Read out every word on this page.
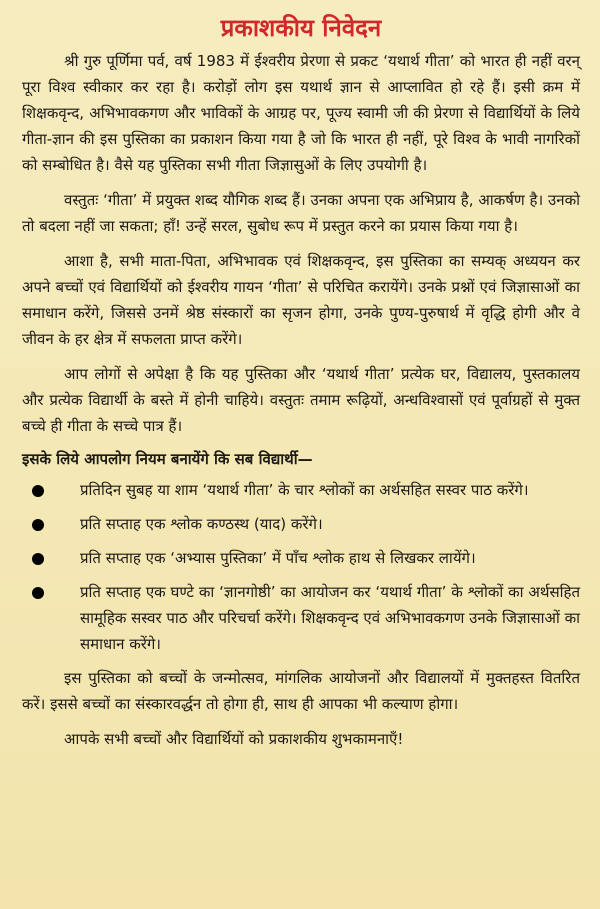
प्रकाशकीय निवेदन

श्री गुरु पूर्णिमा पर्व, वर्ष 1983 में ईश्वरीय प्रेरणा से प्रकट ‘यथार्थ गीता’ को भारत ही नहीं वरन् पूरा विश्व स्वीकार कर रहा है। करोड़ों लोग इस यथार्थ ज्ञान से आप्लावित हो रहे हैं। इसी क्रम में शिक्षकवृन्द, अभिभावकगण और भाविकों के आग्रह पर, पूज्य स्वामी जी की प्रेरणा से विद्यार्थियों के लिये गीता-ज्ञान की इस पुस्तिका का प्रकाशन किया गया है जो कि भारत ही नहीं, पूरे विश्व के भावी नागरिकों को सम्बोधित है। वैसे यह पुस्तिका सभी गीता जिज्ञासुओं के लिए उपयोगी है।

वस्तुतः ‘गीता’ में प्रयुक्त शब्द यौगिक शब्द हैं। उनका अपना एक अभिप्राय है, आकर्षण है। उनको तो बदला नहीं जा सकता; हाँ! उन्हें सरल, सुबोध रूप में प्रस्तुत करने का प्रयास किया गया है।

आशा है, सभी माता-पिता, अभिभावक एवं शिक्षकवृन्द, इस पुस्तिका का सम्यक् अध्ययन कर अपने बच्चों एवं विद्यार्थियों को ईश्वरीय गायन ‘गीता’ से परिचित करायेंगे। उनके प्रश्नों एवं जिज्ञासाओं का समाधान करेंगे, जिससे उनमें श्रेष्ठ संस्कारों का सृजन होगा, उनके पुण्य-पुरुषार्थ में वृद्धि होगी और वे जीवन के हर क्षेत्र में सफलता प्राप्त करेंगे।

आप लोगों से अपेक्षा है कि यह पुस्तिका और ‘यथार्थ गीता’ प्रत्येक घर, विद्यालय, पुस्तकालय और प्रत्येक विद्यार्थी के बस्ते में होनी चाहिये। वस्तुतः तमाम रूढ़ियों, अन्धविश्वासों एवं पूर्वाग्रहों से मुक्त बच्चे ही गीता के सच्चे पात्र हैं।

इसके लिये आपलोग नियम बनायेंगे कि सब विद्यार्थी—
प्रतिदिन सुबह या शाम ‘यथार्थ गीता’ के चार श्लोकों का अर्थसहित सस्वर पाठ करेंगे।
प्रति सप्ताह एक श्लोक कण्ठस्थ (याद) करेंगे।
प्रति सप्ताह एक ‘अभ्यास पुस्तिका’ में पाँच श्लोक हाथ से लिखकर लायेंगे।
प्रति सप्ताह एक घण्टे का ‘ज्ञानगोष्ठी’ का आयोजन कर ‘यथार्थ गीता’ के श्लोकों का अर्थसहित सामूहिक सस्वर पाठ और परिचर्चा करेंगे। शिक्षकवृन्द एवं अभिभावकगण उनके जिज्ञासाओं का समाधान करेंगे।

इस पुस्तिका को बच्चों के जन्मोत्सव, मांगलिक आयोजनों और विद्यालयों में मुक्तहस्त वितरित करें। इससे बच्चों का संस्कारवर्द्धन तो होगा ही, साथ ही आपका भी कल्याण होगा।

आपके सभी बच्चों और विद्यार्थियों को प्रकाशकीय शुभकामनाएँ!
